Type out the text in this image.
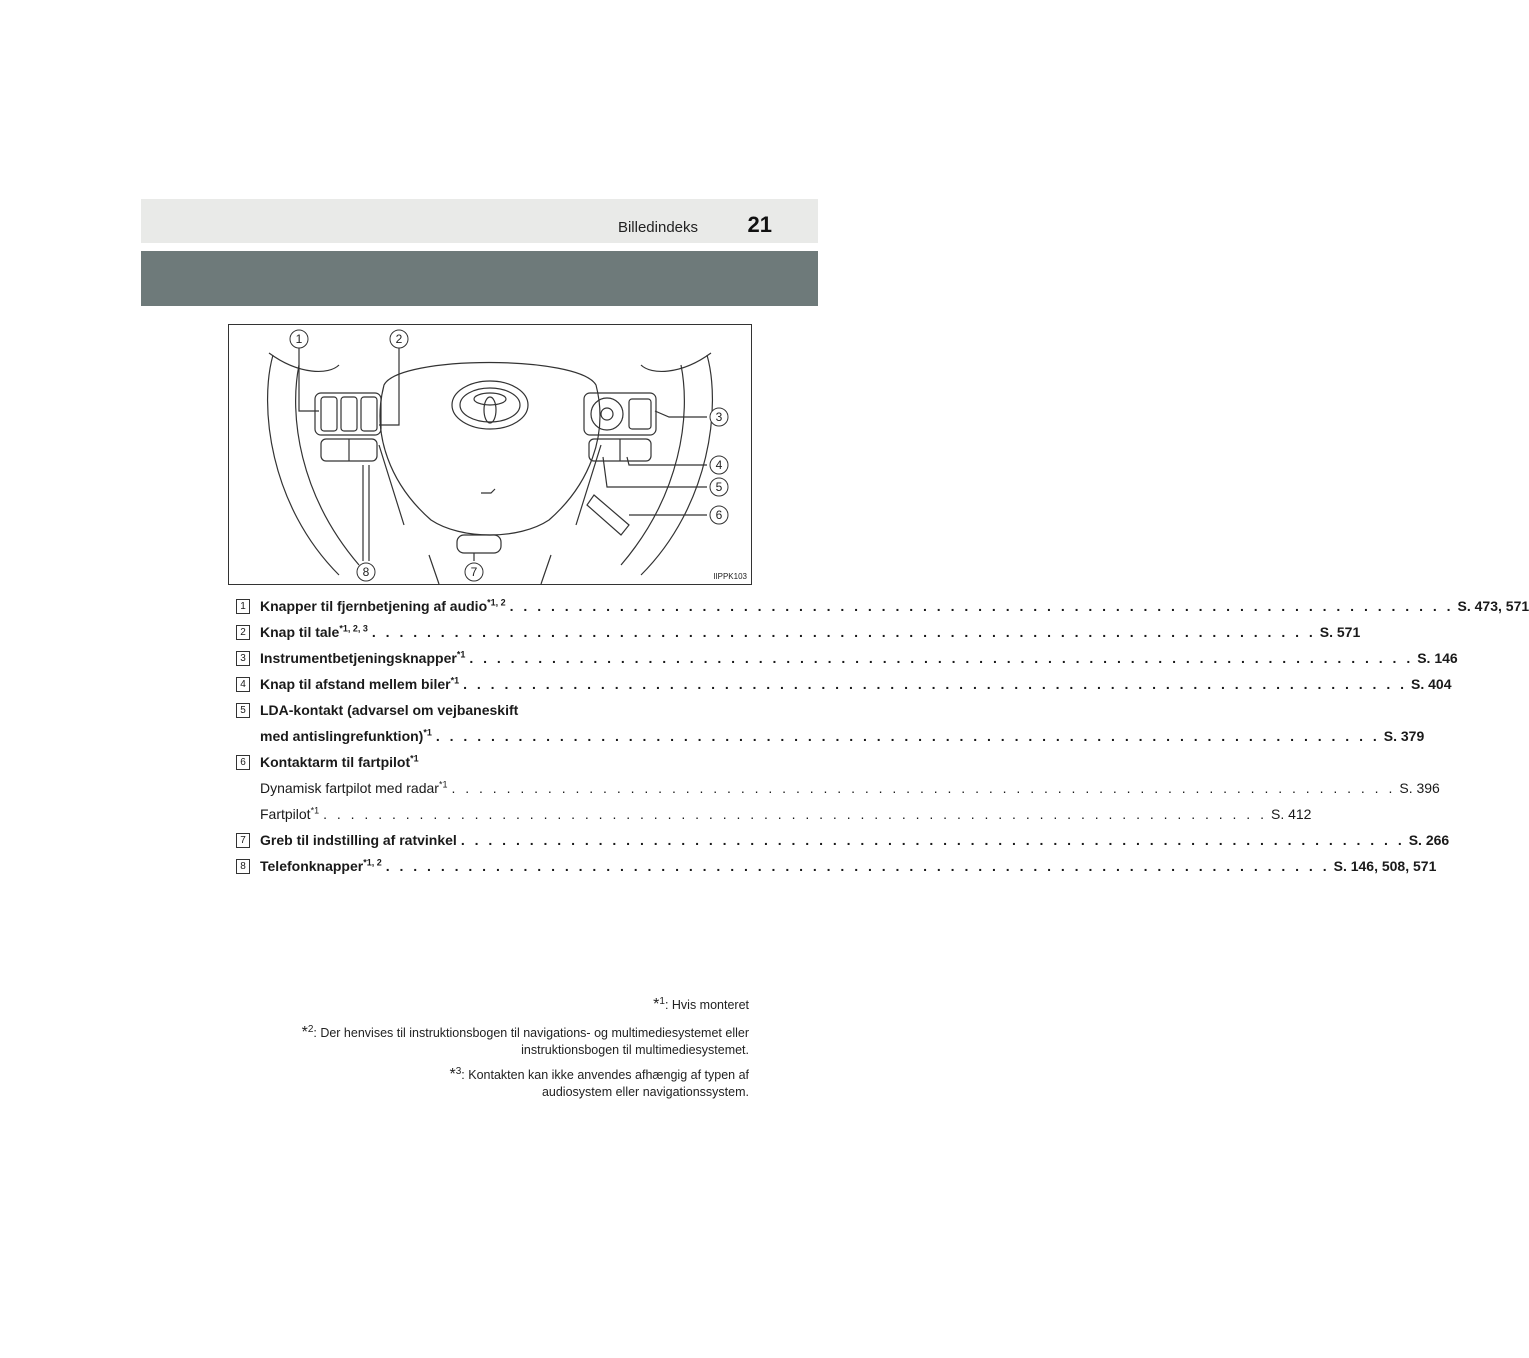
Billedindeks 21
1	2
3
4
5
6
7
8	IIPPK103
1	Knapper til fjernbetjening af audio$^{*1, 2}$ . . . . . . . . . . . . . . . . . . . . . . . . . . . . . . . . . . . . . . . . . . . . . . . . . . . . . . . . . . . . . . . . . . . . . S. 473, 571
2	Knap til tale$^{*1, 2, 3}$ . . . . . . . . . . . . . . . . . . . . . . . . . . . . . . . . . . . . . . . . . . . . . . . . . . . . . . . . . . . . . . . . . . . . . S. 571
3	Instrumentbetjeningsknapper$^{*1}$ . . . . . . . . . . . . . . . . . . . . . . . . . . . . . . . . . . . . . . . . . . . . . . . . . . . . . . . . . . . . . . . . . . . . . S. 146
4	Knap til afstand mellem biler$^{*1}$ . . . . . . . . . . . . . . . . . . . . . . . . . . . . . . . . . . . . . . . . . . . . . . . . . . . . . . . . . . . . . . . . . . . . . S. 404
5	LDA-kontakt (advarsel om vejbaneskift
med antislingrefunktion)$^{*1}$ . . . . . . . . . . . . . . . . . . . . . . . . . . . . . . . . . . . . . . . . . . . . . . . . . . . . . . . . . . . . . . . . . . . . . S. 379
6	Kontaktarm til fartpilot$^{*1}$
Dynamisk fartpilot med radar$^{*1}$ . . . . . . . . . . . . . . . . . . . . . . . . . . . . . . . . . . . . . . . . . . . . . . . . . . . . . . . . . . . . . . . . . . . . . S. 396
Fartpilot$^{*1}$ . . . . . . . . . . . . . . . . . . . . . . . . . . . . . . . . . . . . . . . . . . . . . . . . . . . . . . . . . . . . . . . . . . . . . S. 412
7	Greb til indstilling af ratvinkel . . . . . . . . . . . . . . . . . . . . . . . . . . . . . . . . . . . . . . . . . . . . . . . . . . . . . . . . . . . . . . . . . . . . . S. 266
8	Telefonknapper$^{*1, 2}$ . . . . . . . . . . . . . . . . . . . . . . . . . . . . . . . . . . . . . . . . . . . . . . . . . . . . . . . . . . . . . . . . . . . . . S. 146, 508, 571
*$^1$: Hvis monteret
*$^2$: Der henvises til instruktionsbogen til navigations- og multimediesystemet eller
instruktionsbogen til multimediesystemet.
*$^3$: Kontakten kan ikke anvendes afhængig af typen af
audiosystem eller navigationssystem.
